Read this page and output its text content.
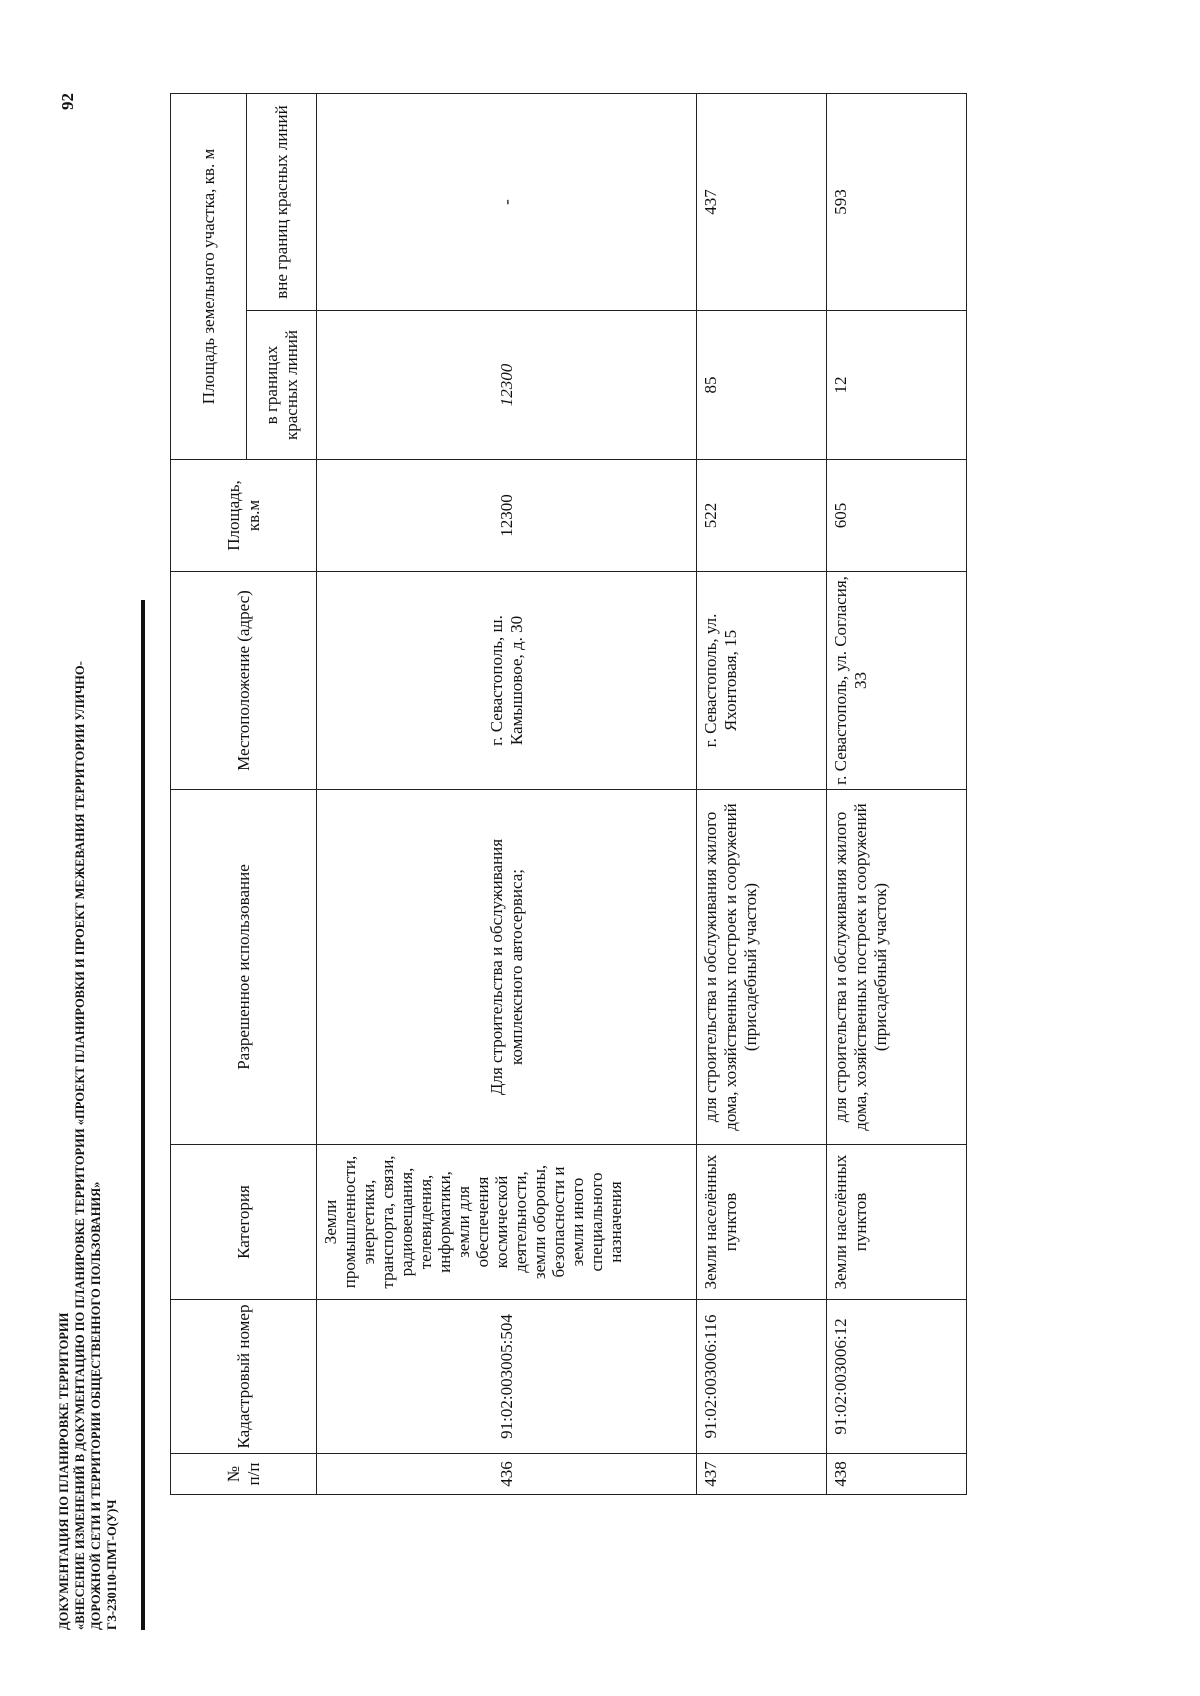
ДОКУМЕНТАЦИЯ ПО ПЛАНИРОВКЕ ТЕРРИТОРИИ «ВНЕСЕНИЕ ИЗМЕНЕНИЙ В ДОКУМЕНТАЦИЮ ПО ПЛАНИРОВКЕ ТЕРРИТОРИИ «ПРОЕКТ ПЛАНИРОВКИ И ПРОЕКТ МЕЖЕВАНИЯ ТЕРРИТОРИИ УЛИЧНО- ДОРОЖНОЙ СЕТИ И ТЕРРИТОРИИ ОБЩЕСТВЕННОГО ПОЛЬЗОВАНИЯ» ГЗ-230110-ПМТ-О(У)Ч
92
№ п/п	Кадастровый номер	Категория	Разрешенное использование	Местоположение (адрес)	Площадь, кв.м	Площадь земельного участка, кв. м	
						в границах красных линий	вне границ красных линий
436	91:02:003005:504	Земли промышленности, энергетики, транспорта, связи, радиовещания, телевидения, информатики, земли для обеспечения космической деятельности, земли обороны, безопасности и земли иного специального назначения	Для строительства и обслуживания комплексного автосервиса;	г. Севастополь, ш. Камышовое, д. 30	12300	12300	-
437	91:02:003006:116	Земли населённых пунктов	для строительства и обслуживания жилого дома, хозяйственных построек и сооружений (присадебный участок)	г. Севастополь, ул. Яхонтовая, 15	522	85	437
438	91:02:003006:12	Земли населённых пунктов	для строительства и обслуживания жилого дома, хозяйственных построек и сооружений (присадебный участок)	г. Севастополь, ул. Согласия, 33	605	12	593
